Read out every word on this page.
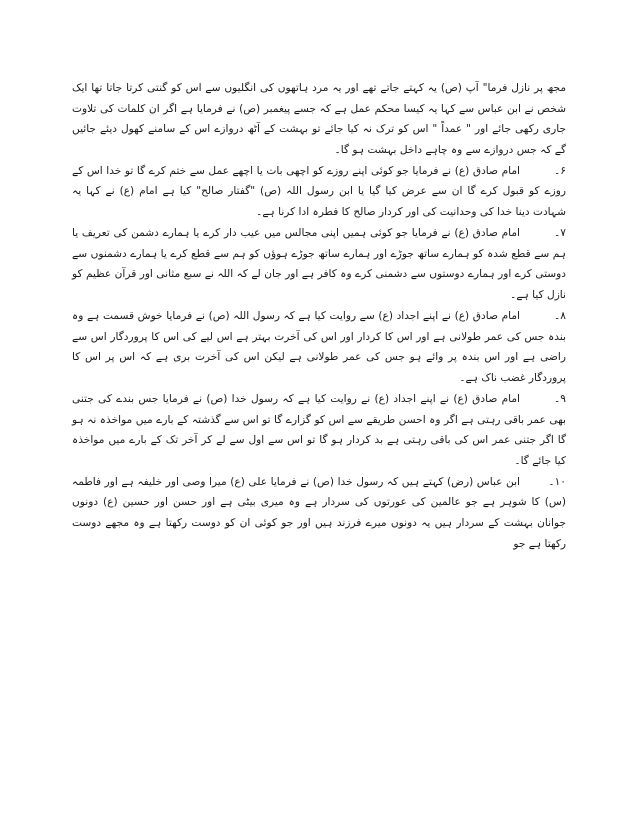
مجھ پر نازل فرما" آپ (ص) یہ کہتے جاتے تھے اور یہ مرد ہاتھوں کی انگلیوں سے اس کو گنتی کرتا جاتا تھا ایک شخص نے ابن عباس سے کہا یہ کیسا محکم عمل ہے کہ جسے پیغمبر (ص) نے فرمایا ہے اگر ان کلمات کی تلاوت جاری رکھی جائے اور " عمداً " اس کو ترک نہ کیا جائے تو بہشت کے آٹھ دروازے اس کے سامنے کھول دیئے جائیں گے کہ جس دروازے سے وہ چاہے داخل بہشت ہو گا۔

۶۔امام صادق (ع) نے فرمایا جو کوئی اپنے روزے کو اچھی بات یا اچھے عمل سے ختم کرے گا تو خدا اس کے روزے کو قبول کرے گا ان سے عرض کیا گیا یا ابن رسول اللہ (ص) "گفتار صالح" کیا ہے امام (ع) نے کہا یہ شہادت دینا خدا کی وحدانیت کی اور کردار صالح کا فطرہ ادا کرنا ہے۔

۷۔امام صادق (ع) نے فرمایا جو کوئی ہمیں اپنی مجالس میں عیب دار کرے یا ہمارے دشمن کی تعریف یا ہم سے قطع شدہ کو ہمارے ساتھ جوڑے اور ہمارے ساتھ جوڑے ہوؤں کو ہم سے قطع کرے یا ہمارے دشمنوں سے دوستی کرے اور ہمارے دوستوں سے دشمنی کرے وہ کافر ہے اور جان لے کہ اللہ نے سبع مثانی اور قرآن عظیم کو نازل کیا ہے۔

۸۔امام صادق (ع) نے اپنے اجداد (ع) سے روایت کیا ہے کہ رسول اللہ (ص) نے فرمایا خوش قسمت ہے وہ بندہ جس کی عمر طولانی ہے اور اس کا کردار اور اس کی آخرت بہتر ہے اس لیے کی اس کا پروردگار اس سے راضی ہے اور اس بندہ پر وائے ہو جس کی عمر طولانی ہے لیکن اس کی آخرت بری ہے کہ اس پر اس کا پروردگار غضب ناک ہے۔

۹۔امام صادق (ع) نے اپنے اجداد (ع) نے روایت کیا ہے کہ رسول خدا (ص) نے فرمایا جس بندے کی جتنی بھی عمر باقی رہتی ہے اگر وہ احسن طریقے سے اس کو گزارے گا تو اس سے گذشتہ کے بارے میں مواخذہ نہ ہو گا اگر جتنی عمر اس کی باقی رہتی ہے بد کردار ہو گا تو اس سے اول سے لے کر آخر تک کے بارے میں مواخذہ کیا جائے گا۔

۱۰۔ابن عباس (رض) کہتے ہیں کہ رسول خدا (ص) نے فرمایا علی (ع) میرا وصی اور خلیفہ ہے اور فاطمہ (س) کا شوہر ہے جو عالمین کی عورتوں کی سردار ہے وہ میری بیٹی ہے اور حسن اور حسین (ع) دونوں جوانان بہشت کے سردار ہیں یہ دونوں میرے فرزند ہیں اور جو کوئی ان کو دوست رکھتا ہے وہ مجھے دوست رکھتا ہے جو
